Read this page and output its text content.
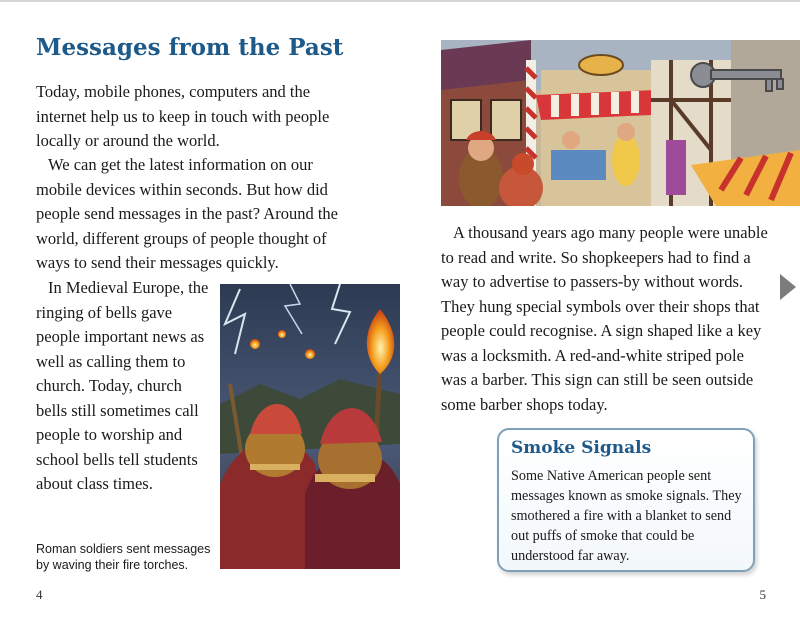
Messages from the Past

Today, mobile phones, computers and the internet help us to keep in touch with people locally or around the world.

We can get the latest information on our mobile devices within seconds. But how did people send messages in the past? Around the world, different groups of people thought of ways to send their messages quickly.

In Medieval Europe, the ringing of bells gave people important news as well as calling them to church. Today, church bells still sometimes call people to worship and school bells tell students about class times.

Roman soldiers sent messages by waving their fire torches.

4

A thousand years ago many people were unable to read and write. So shopkeepers had to find a way to advertise to passers-by without words. They hung special symbols over their shops that people could recognise. A sign shaped like a key was a locksmith. A red-and-white striped pole was a barber. This sign can still be seen outside some barber shops today.

Smoke Signals

Some Native American people sent messages known as smoke signals. They smothered a fire with a blanket to send out puffs of smoke that could be understood far away.

5
